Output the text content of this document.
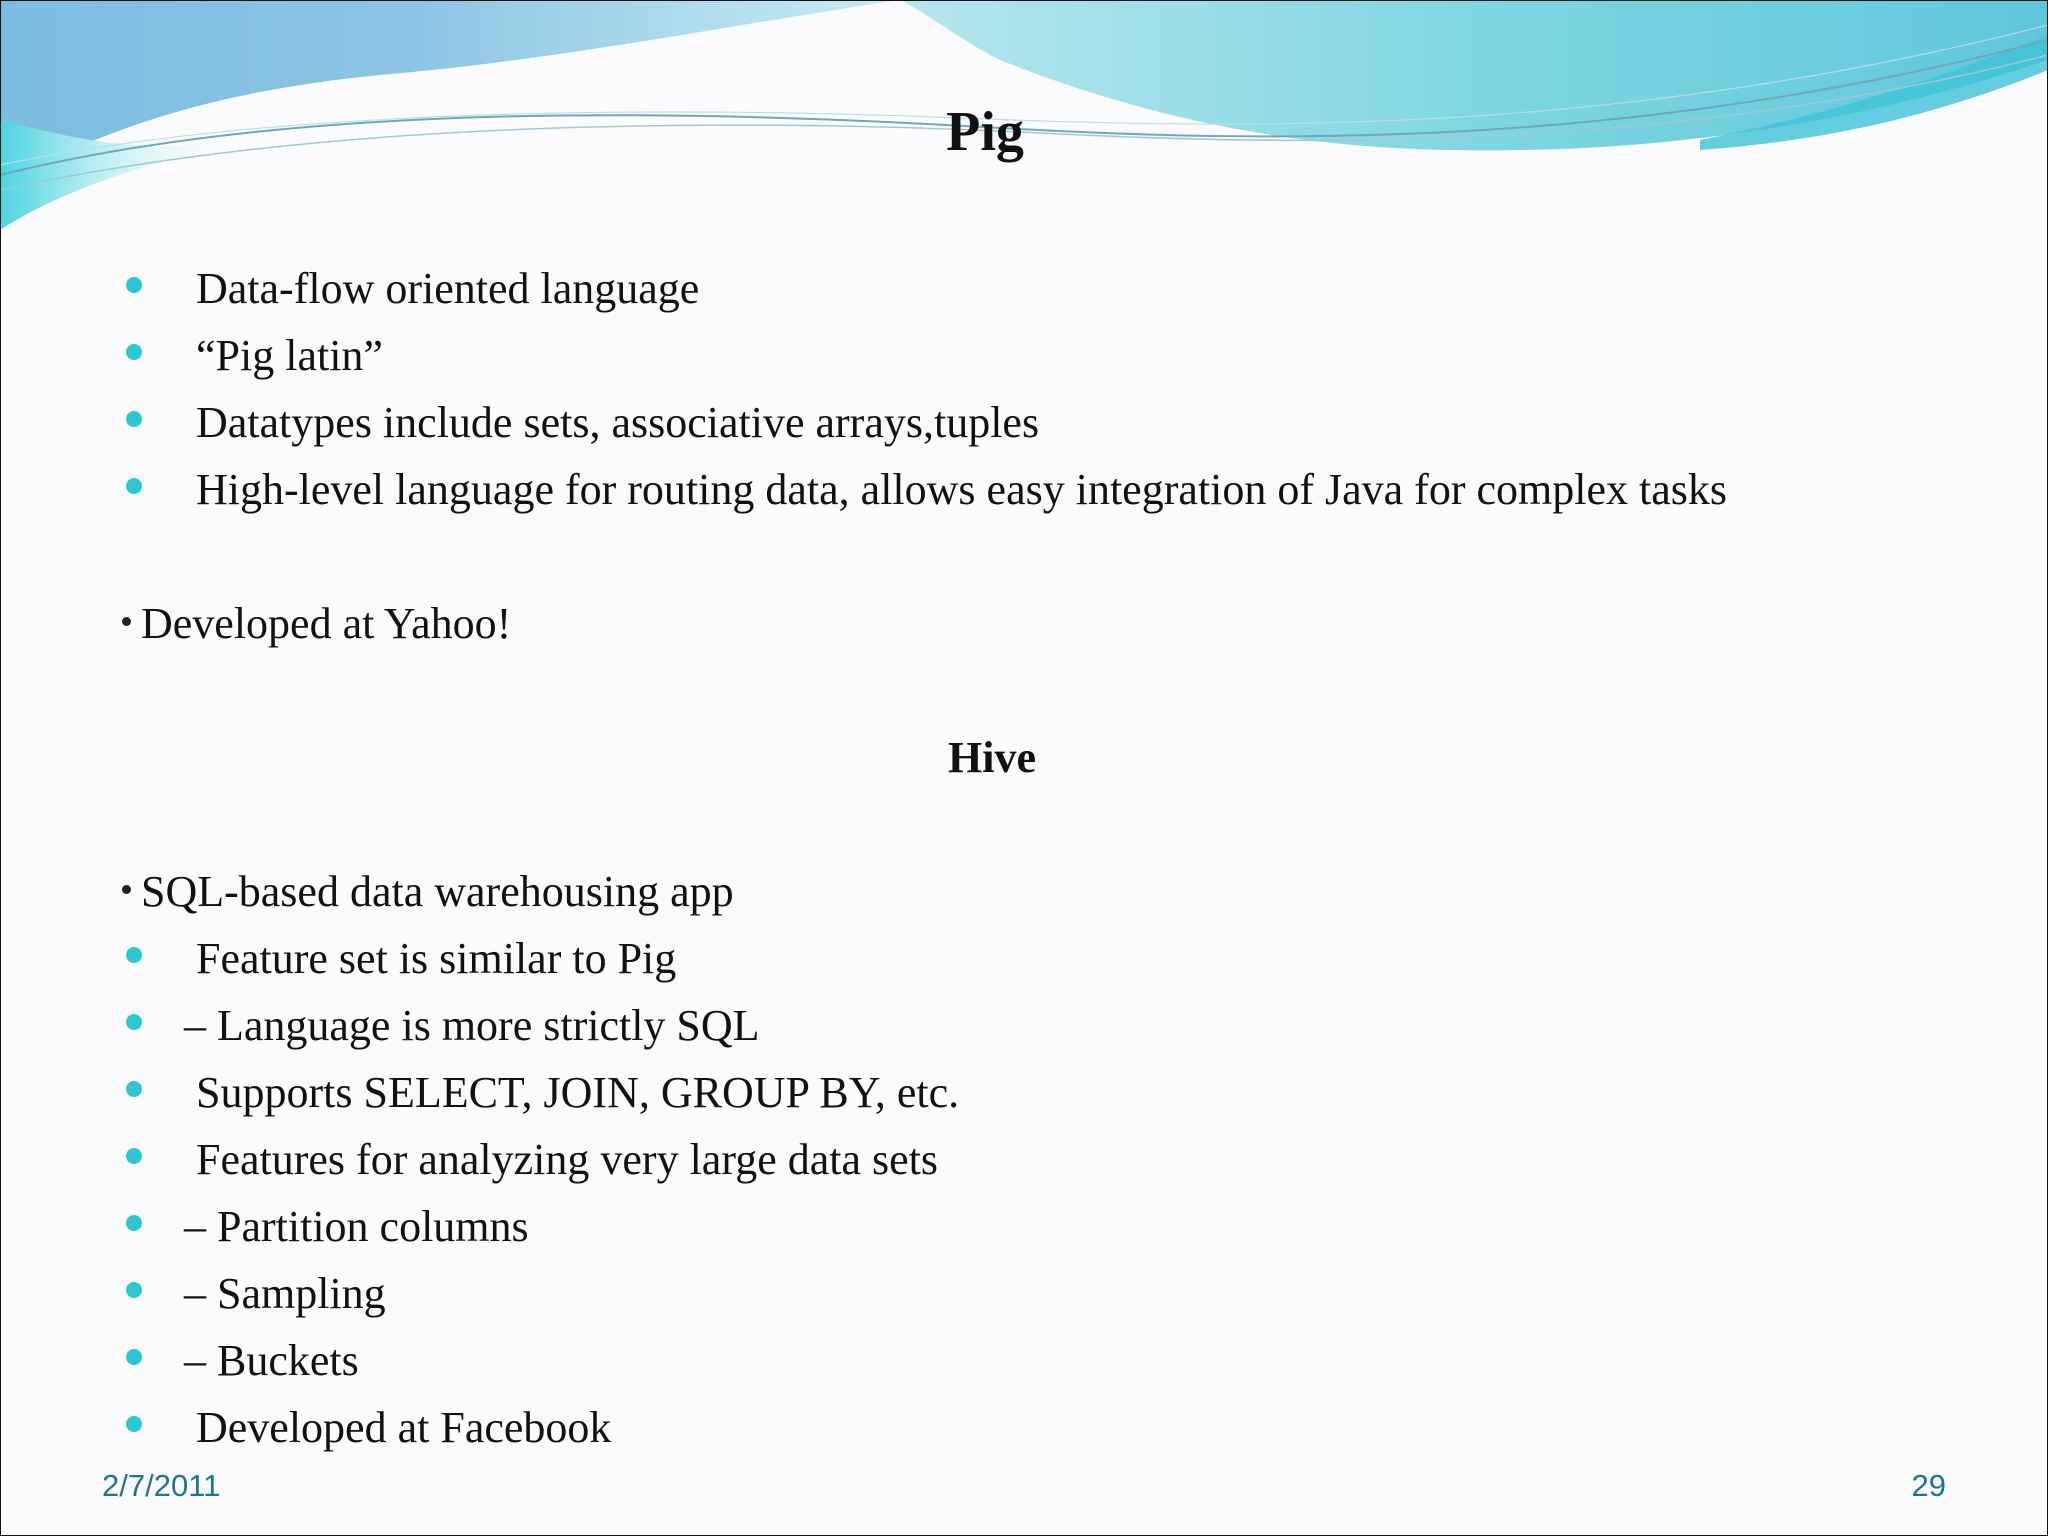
Pig
Data-flow oriented language
“Pig latin”
Datatypes include sets, associative arrays,tuples
High-level language for routing data, allows easy integration of Java for complex tasks
Developed at Yahoo!
Hive
SQL-based data warehousing app
Feature set is similar to Pig
– Language is more strictly SQL
Supports SELECT, JOIN, GROUP BY, etc.
Features for analyzing very large data sets
– Partition columns
– Sampling
– Buckets
Developed at Facebook
2/7/2011	29
